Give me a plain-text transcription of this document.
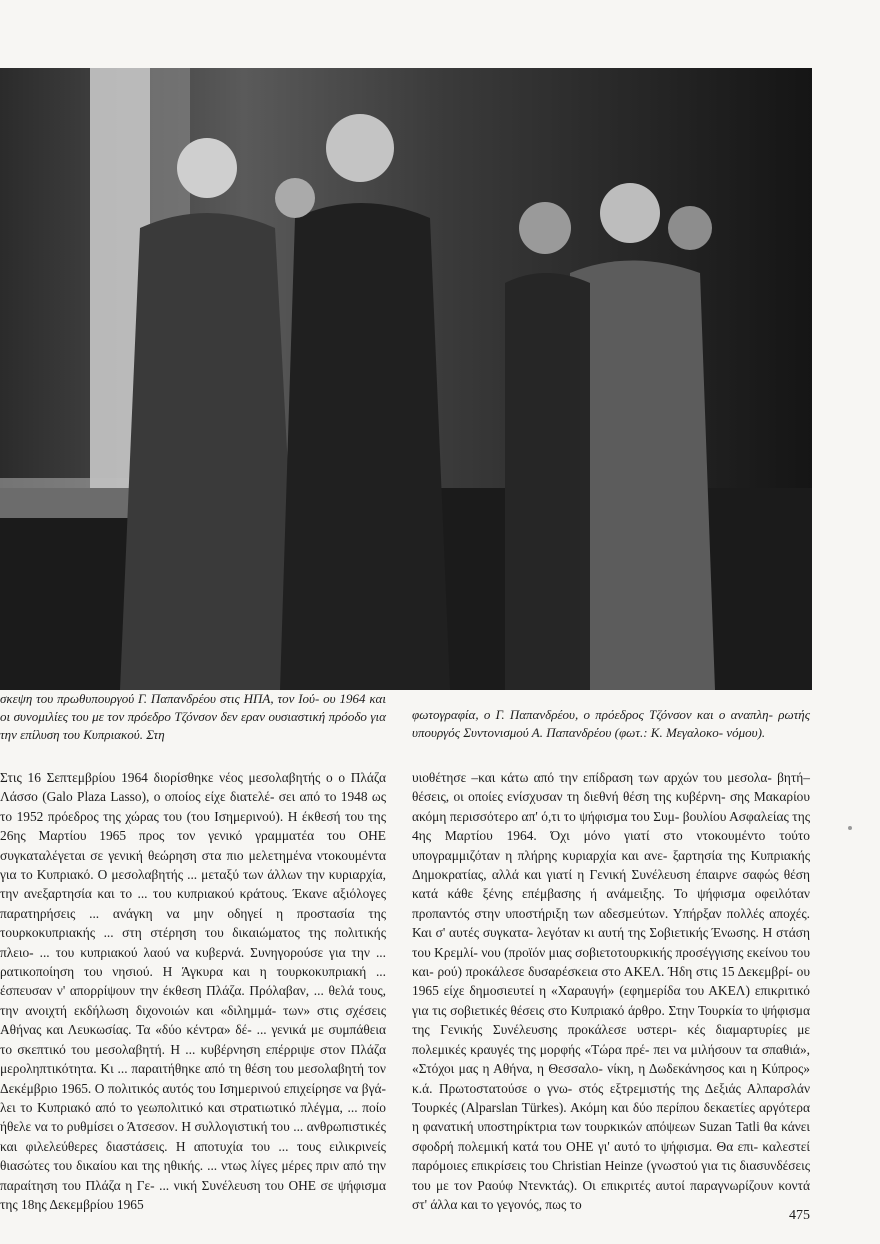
σκεψη του πρωθυπουργού Γ. Παπανδρέου στις ΗΠΑ, τον Ιού- ου 1964 και οι συνομιλίες του με τον πρόεδρο Τζόνσον δεν εραν ουσιαστική πρόοδο για την επίλυση του Κυπριακού. Στη

φωτογραφία, ο Γ. Παπανδρέου, ο πρόεδρος Τζόνσον και ο αναπλη- ρωτής υπουργός Συντονισμού Α. Παπανδρέου (φωτ.: Κ. Μεγαλοκο- νόμου).

Στις 16 Σεπτεμβρίου 1964 διορίσθηκε νέος μεσολαβητής ο ο Πλάζα Λάσσο (Galo Plaza Lasso), ο οποίος είχε διατελέ- σει από το 1948 ως το 1952 πρόεδρος της χώρας του (του Ισημερινού). Η έκθεσή του της 26ης Μαρτίου 1965 προς τον γενικό γραμματέα του ΟΗΕ συγκαταλέγεται σε γενική θεώρηση στα πιο μελετημένα ντοκουμέντα για το Κυπριακό. Ο μεσολαβητής ... μεταξύ των άλλων την κυριαρχία, την ανεξαρτησία και το ... του κυπριακού κράτους. Έκανε αξιόλογες παρατηρήσεις ... ανάγκη να μην οδηγεί η προστασία της τουρκοκυπριακής ... στη στέρηση του δικαιώματος της πολιτικής πλειο- ... του κυπριακού λαού να κυβερνά. Συνηγορούσε για την ... ρατικοποίηση του νησιού. Η Άγκυρα και η τουρκοκυπριακή ... έσπευσαν ν' απορρίψουν την έκθεση Πλάζα. Πρόλαβαν, ... θελά τους, την ανοιχτή εκδήλωση διχονοιών και «διλημμά- των» στις σχέσεις Αθήνας και Λευκωσίας. Τα «δύο κέντρα» δέ- ... γενικά με συμπάθεια το σκεπτικό του μεσολαβητή. Η ... κυβέρνηση επέρριψε στον Πλάζα μεροληπτικότητα. Κι ... παραιτήθηκε από τη θέση του μεσολαβητή τον Δεκέμβριο 1965. Ο πολιτικός αυτός του Ισημερινού επιχείρησε να βγά- λει το Κυπριακό από το γεωπολιτικό και στρατιωτικό πλέγμα, ... ποίο ήθελε να το ρυθμίσει ο Άτσεσον. Η συλλογιστική του ... ανθρωπιστικές και φιλελεύθερες διαστάσεις. Η αποτυχία του ... τους ειλικρινείς θιασώτες του δικαίου και της ηθικής. ... ντως λίγες μέρες πριν από την παραίτηση του Πλάζα η Γε- ... νική Συνέλευση του ΟΗΕ σε ψήφισμα της 18ης Δεκεμβρίου 1965

υιοθέτησε –και κάτω από την επίδραση των αρχών του μεσολα- βητή– θέσεις, οι οποίες ενίσχυσαν τη διεθνή θέση της κυβέρνη- σης Μακαρίου ακόμη περισσότερο απ' ό,τι το ψήφισμα του Συμ- βουλίου Ασφαλείας της 4ης Μαρτίου 1964. Όχι μόνο γιατί στο ντοκουμέντο τούτο υπογραμμιζόταν η πλήρης κυριαρχία και ανε- ξαρτησία της Κυπριακής Δημοκρατίας, αλλά και γιατί η Γενική Συνέλευση έπαιρνε σαφώς θέση κατά κάθε ξένης επέμβασης ή ανάμειξης. Το ψήφισμα οφειλόταν προπαντός στην υποστήριξη των αδεσμεύτων. Υπήρξαν πολλές αποχές. Και σ' αυτές συγκατα- λεγόταν κι αυτή της Σοβιετικής Ένωσης. Η στάση του Κρεμλί- νου (προϊόν μιας σοβιετοτουρκικής προσέγγισης εκείνου του και- ρού) προκάλεσε δυσαρέσκεια στο ΑΚΕΛ. Ήδη στις 15 Δεκεμβρί- ου 1965 είχε δημοσιευτεί η «Χαραυγή» (εφημερίδα του ΑΚΕΛ) επικριτικό για τις σοβιετικές θέσεις στο Κυπριακό άρθρο. Στην Τουρκία το ψήφισμα της Γενικής Συνέλευσης προκάλεσε υστερι- κές διαμαρτυρίες με πολεμικές κραυγές της μορφής «Τώρα πρέ- πει να μιλήσουν τα σπαθιά», «Στόχοι μας η Αθήνα, η Θεσσαλο- νίκη, η Δωδεκάνησος και η Κύπρος» κ.ά. Πρωτοστατούσε ο γνω- στός εξτρεμιστής της Δεξιάς Αλπαρσλάν Τουρκές (Alparslan Türkes). Ακόμη και δύο περίπου δεκαετίες αργότερα η φανατική υποστηρίκτρια των τουρκικών απόψεων Suzan Tatli θα κάνει σφοδρή πολεμική κατά του ΟΗΕ γι' αυτό το ψήφισμα. Θα επι- καλεστεί παρόμοιες επικρίσεις του Christian Heinze (γνωστού για τις διασυνδέσεις του με τον Ραούφ Ντενκτάς). Οι επικριτές αυτοί παραγνωρίζουν κοντά στ' άλλα και το γεγονός, πως το

475
